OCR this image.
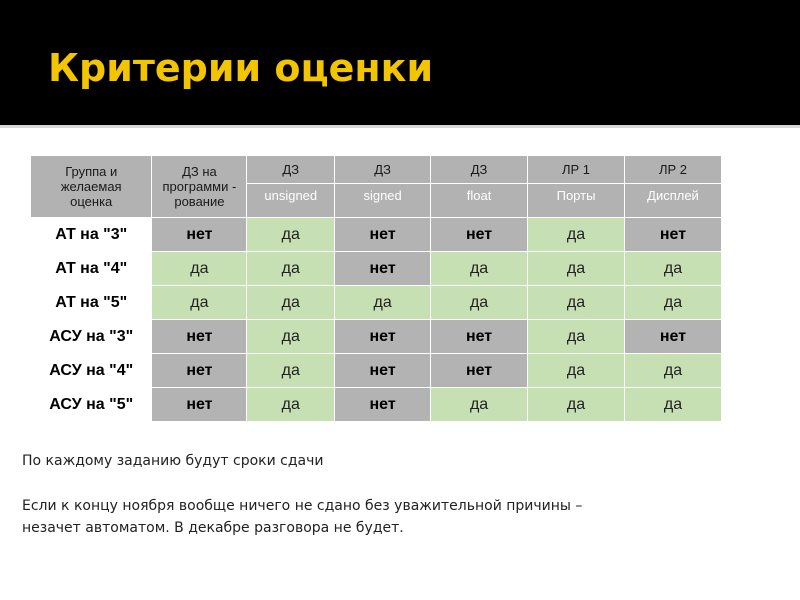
Критерии оценки
Группа и желаемая оценка	ДЗ на программи - рование	ДЗ	ДЗ	ДЗ	ЛР 1	ЛР 2
		unsigned	signed	float	Порты	Дисплей
АТ на "3"	нет	да	нет	нет	да	нет
АТ на "4"	да	да	нет	да	да	да
АТ на "5"	да	да	да	да	да	да
АСУ на "3"	нет	да	нет	нет	да	нет
АСУ на "4"	нет	да	нет	нет	да	да
АСУ на "5"	нет	да	нет	да	да	да
По каждому заданию будут сроки сдачи
Если к концу ноября вообще ничего не сдано без уважительной причины –
незачет автоматом. В декабре разговора не будет.
